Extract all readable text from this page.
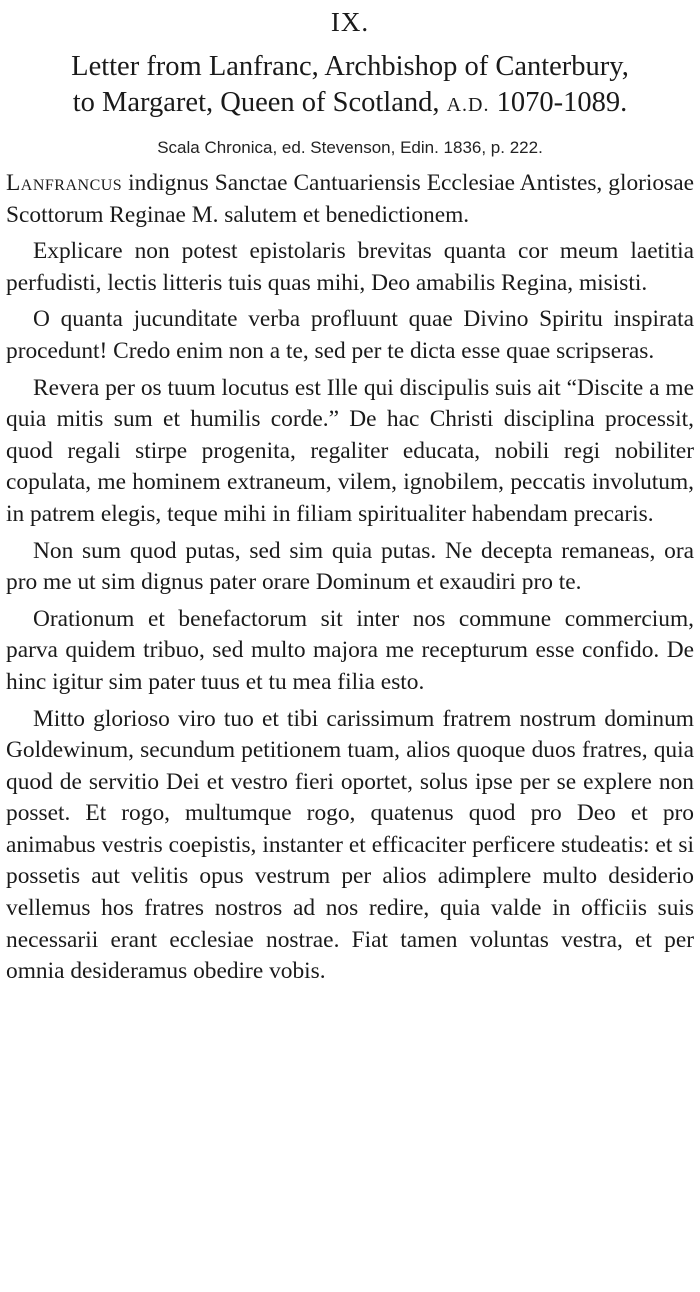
IX.
Letter from Lanfranc, Archbishop of Canterbury,
to Margaret, Queen of Scotland, A.D. 1070-1089.
Scala Chronica, ed. Stevenson, Edin. 1836, p. 222.

Lanfrancus indignus Sanctae Cantuariensis Ecclesiae Antistes, gloriosae Scottorum Reginae M. salutem et benedictionem.

Explicare non potest epistolaris brevitas quanta cor meum laetitia perfudisti, lectis litteris tuis quas mihi, Deo amabilis Regina, misisti.

O quanta jucunditate verba profluunt quae Divino Spiritu inspirata procedunt! Credo enim non a te, sed per te dicta esse quae scripseras.

Revera per os tuum locutus est Ille qui discipulis suis ait “Discite a me quia mitis sum et humilis corde.” De hac Christi disciplina processit, quod regali stirpe progenita, regaliter educata, nobili regi nobiliter copulata, me hominem extraneum, vilem, ignobilem, peccatis involutum, in patrem elegis, teque mihi in filiam spiritualiter habendam precaris.

Non sum quod putas, sed sim quia putas. Ne decepta remaneas, ora pro me ut sim dignus pater orare Dominum et exaudiri pro te.

Orationum et benefactorum sit inter nos commune commercium, parva quidem tribuo, sed multo majora me recepturum esse confido. De hinc igitur sim pater tuus et tu mea filia esto.

Mitto glorioso viro tuo et tibi carissimum fratrem nostrum dominum Goldewinum, secundum petitionem tuam, alios quoque duos fratres, quia quod de servitio Dei et vestro fieri oportet, solus ipse per se explere non posset. Et rogo, multumque rogo, quatenus quod pro Deo et pro animabus vestris coepistis, instanter et efficaciter perficere studeatis: et si possetis aut velitis opus vestrum per alios adimplere multo desiderio vellemus hos fratres nostros ad nos redire, quia valde in officiis suis necessarii erant ecclesiae nostrae. Fiat tamen voluntas vestra, et per omnia desideramus obedire vobis.
